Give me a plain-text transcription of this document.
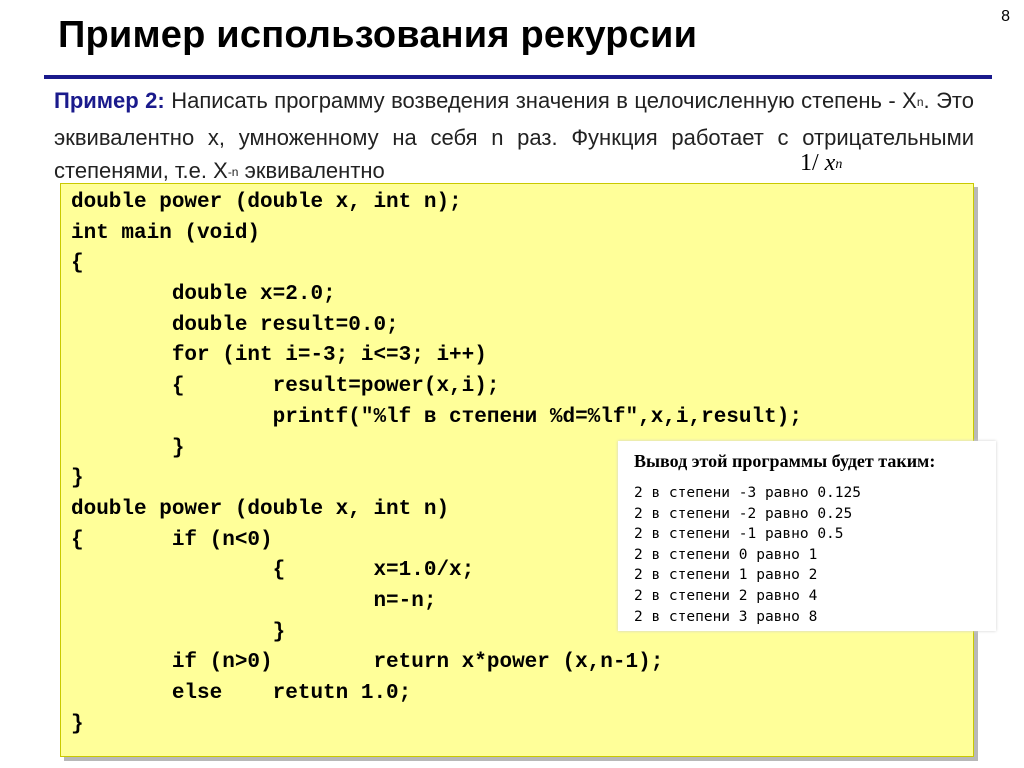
8
Пример использования рекурсии
Пример 2: Написать программу возведения значения в целочисленную степень - $X^n$. Это эквивалентно x, умноженному на себя n раз. Функция работает с отрицательными степенями, т.е. $X^{-n}$ эквивалентно	1/ $x^n$
double power (double x, int n);
int main (void)
{
double x=2.0;
double result=0.0;
for (int i=-3; i<=3; i++)
{       result=power(x,i);
printf("%lf в степени %d=%lf",x,i,result);
}
}
double power (double x, int n)
{       if (n<0)
{       x=1.0/x;
n=-n;
}
if (n>0)        return x*power (x,n-1);
else    retutn 1.0;
}
Вывод этой программы будет таким:
2 в степени -3 равно 0.125
2 в степени -2 равно 0.25
2 в степени -1 равно 0.5
2 в степени 0 равно 1
2 в степени 1 равно 2
2 в степени 2 равно 4
2 в степени 3 равно 8
